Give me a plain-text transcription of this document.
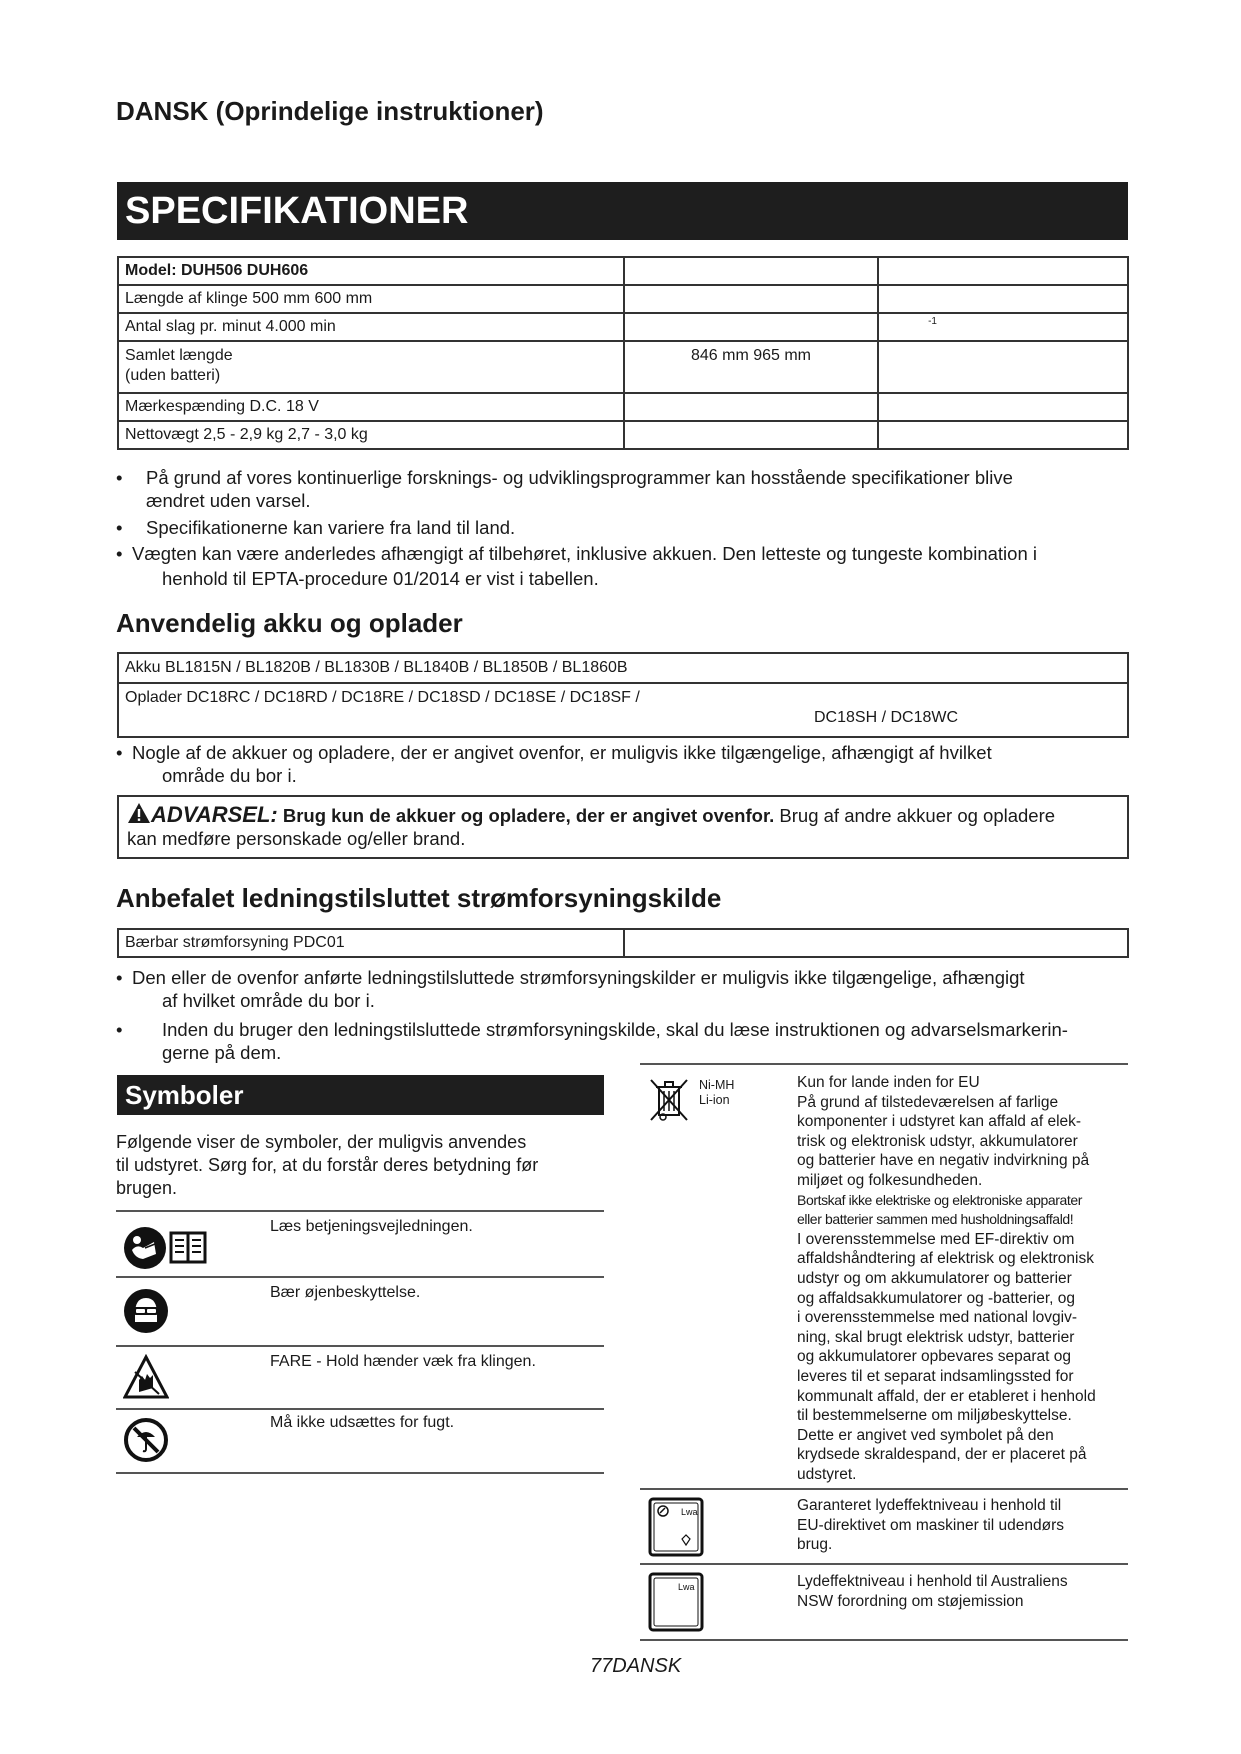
DANSK (Oprindelige instruktioner)
SPECIFIKATIONER
Model: DUH506 DUH606		
Længde af klinge 500 mm 600 mm		
Antal slag pr. minut 4.000 min		-1
Samlet længde
(uden batteri)	846 mm 965 mm	
Mærkespænding D.C. 18 V		
Nettovægt 2,5 - 2,9 kg 2,7 - 3,0 kg		
• På grund af vores kontinuerlige forsknings- og udviklingsprogrammer kan hosstående specifikationer blive
ændret uden varsel.
• Specifikationerne kan variere fra land til land.
• Vægten kan være anderledes afhængigt af tilbehøret, inklusive akkuen. Den letteste og tungeste kombination i
henhold til EPTA-procedure 01/2014 er vist i tabellen.
Anvendelig akku og oplader
Akku BL1815N / BL1820B / BL1830B / BL1840B / BL1850B / BL1860B

Oplader DC18RC / DC18RD / DC18RE / DC18SD / DC18SE / DC18SF /
DC18SH / DC18WC
• Nogle af de akkuer og opladere, der er angivet ovenfor, er muligvis ikke tilgængelige, afhængigt af hvilket
område du bor i.
ADVARSEL: Brug kun de akkuer og opladere, der er angivet ovenfor. Brug af andre akkuer og opladere
kan medføre personskade og/eller brand.
Anbefalet ledningstilsluttet strømforsyningskilde
Bærbar strømforsyning PDC01	
• Den eller de ovenfor anførte ledningstilsluttede strømforsyningskilder er muligvis ikke tilgængelige, afhængigt
af hvilket område du bor i.
• Inden du bruger den ledningstilsluttede strømforsyningskilde, skal du læse instruktionen og advarselsmarkerin-
gerne på dem.
Symboler
Følgende viser de symboler, der muligvis anvendes
til udstyret. Sørg for, at du forstår deres betydning før
brugen.
Læs betjeningsvejledningen.
Bær øjenbeskyttelse.
FARE - Hold hænder væk fra klingen.
Må ikke udsættes for fugt.
Ni-MH
Li-ion
Kun for lande inden for EU
På grund af tilstedeværelsen af farlige
komponenter i udstyret kan affald af elek-
trisk og elektronisk udstyr, akkumulatorer
og batterier have en negativ indvirkning på
miljøet og folkesundheden.
Bortskaf ikke elektriske og elektroniske apparater
eller batterier sammen med husholdningsaffald!
I overensstemmelse med EF-direktiv om
affaldshåndtering af elektrisk og elektronisk
udstyr og om akkumulatorer og batterier
og affaldsakkumulatorer og -batterier, og
i overensstemmelse med national lovgiv-
ning, skal brugt elektrisk udstyr, batterier
og akkumulatorer opbevares separat og
leveres til et separat indsamlingssted for
kommunalt affald, der er etableret i henhold
til bestemmelserne om miljøbeskyttelse.
Dette er angivet ved symbolet på den
krydsede skraldespand, der er placeret på
udstyret.
Lwa	Garanteret lydeffektniveau i henhold til
EU-direktivet om maskiner til udendørs
brug.
Lwa	Lydeffektniveau i henhold til Australiens
NSW forordning om støjemission
77DANSK
